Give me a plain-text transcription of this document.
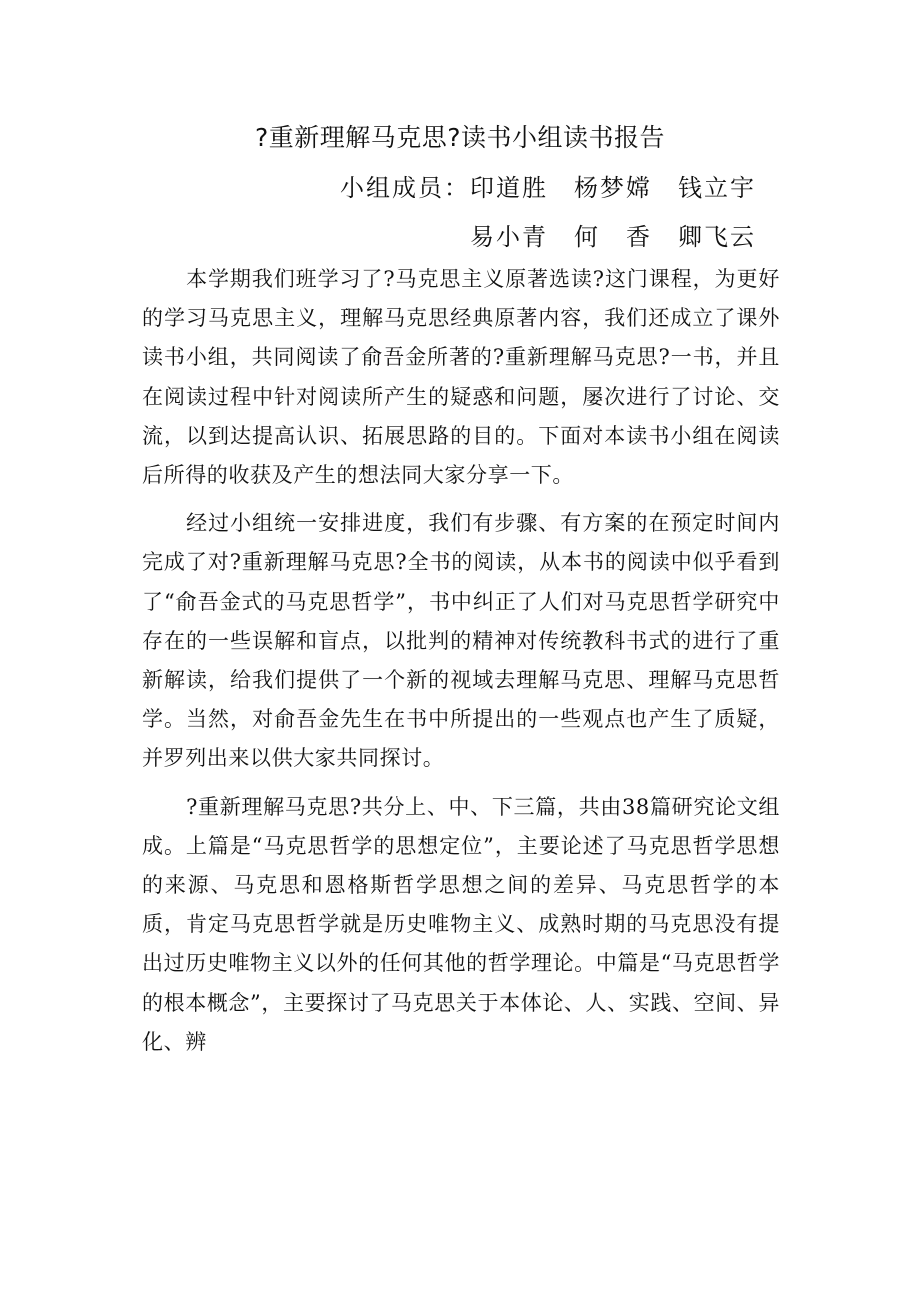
?重新理解马克思?读书小组读书报告
小组成员：印道胜　杨梦嫦　钱立宇
易小青　何　香　卿飞云

本学期我们班学习了?马克思主义原著选读?这门课程，为更好的学习马克思主义，理解马克思经典原著内容，我们还成立了课外读书小组，共同阅读了俞吾金所著的?重新理解马克思?一书，并且在阅读过程中针对阅读所产生的疑惑和问题，屡次进行了讨论、交流，以到达提高认识、拓展思路的目的。下面对本读书小组在阅读后所得的收获及产生的想法同大家分享一下。

经过小组统一安排进度，我们有步骤、有方案的在预定时间内完成了对?重新理解马克思?全书的阅读，从本书的阅读中似乎看到了“俞吾金式的马克思哲学”，书中纠正了人们对马克思哲学研究中存在的一些误解和盲点，以批判的精神对传统教科书式的进行了重新解读，给我们提供了一个新的视域去理解马克思、理解马克思哲学。当然，对俞吾金先生在书中所提出的一些观点也产生了质疑，并罗列出来以供大家共同探讨。

?重新理解马克思?共分上、中、下三篇，共由38篇研究论文组成。上篇是“马克思哲学的思想定位”，主要论述了马克思哲学思想的来源、马克思和恩格斯哲学思想之间的差异、马克思哲学的本质，肯定马克思哲学就是历史唯物主义、成熟时期的马克思没有提出过历史唯物主义以外的任何其他的哲学理论。中篇是“马克思哲学的根本概念”，主要探讨了马克思关于本体论、人、实践、空间、异化、辨
